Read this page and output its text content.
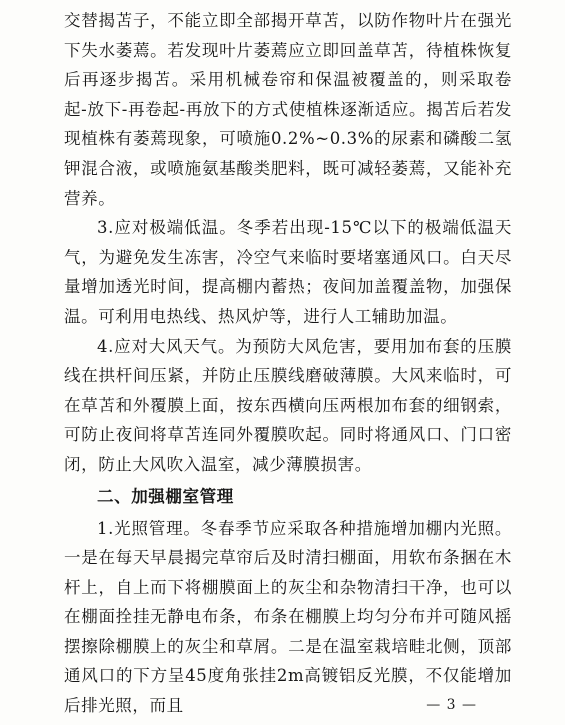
交替揭苫子，不能立即全部揭开草苫，以防作物叶片在强光下失水萎蔫。若发现叶片萎蔫应立即回盖草苫，待植株恢复后再逐步揭苫。采用机械卷帘和保温被覆盖的，则采取卷起-放下-再卷起-再放下的方式使植株逐渐适应。揭苫后若发现植株有萎蔫现象，可喷施0.2%~0.3%的尿素和磷酸二氢钾混合液，或喷施氨基酸类肥料，既可减轻萎蔫，又能补充营养。

3.应对极端低温。冬季若出现-15℃以下的极端低温天气，为避免发生冻害，冷空气来临时要堵塞通风口。白天尽量增加透光时间，提高棚内蓄热；夜间加盖覆盖物，加强保温。可利用电热线、热风炉等，进行人工辅助加温。

4.应对大风天气。为预防大风危害，要用加布套的压膜线在拱杆间压紧，并防止压膜线磨破薄膜。大风来临时，可在草苫和外覆膜上面，按东西横向压两根加布套的细钢索，可防止夜间将草苫连同外覆膜吹起。同时将通风口、门口密闭，防止大风吹入温室，减少薄膜损害。

二、加强棚室管理

1.光照管理。冬春季节应采取各种措施增加棚内光照。一是在每天早晨揭完草帘后及时清扫棚面，用软布条捆在木杆上，自上而下将棚膜面上的灰尘和杂物清扫干净，也可以在棚面拴挂无静电布条，布条在棚膜上均匀分布并可随风摇摆擦除棚膜上的灰尘和草屑。二是在温室栽培畦北侧，顶部通风口的下方呈45度角张挂2m高镀铝反光膜，不仅能增加后排光照，而且	— 3 —
